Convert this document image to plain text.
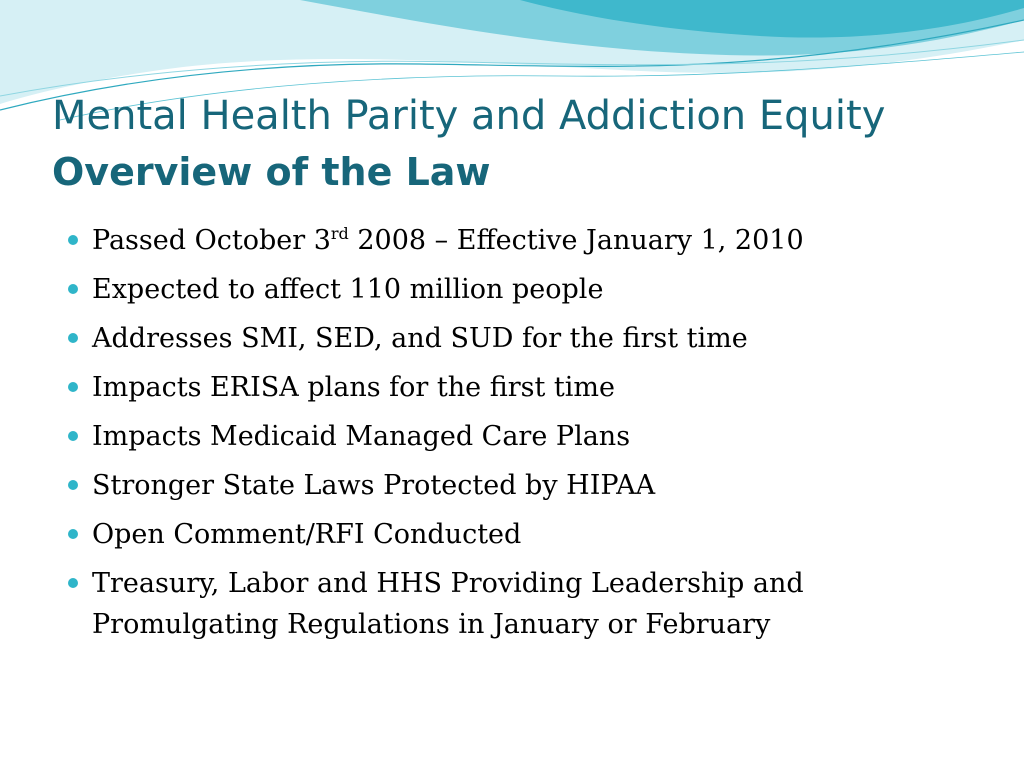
Mental Health Parity and Addiction Equity
Overview of the Law
Passed October 3rd 2008 – Effective January 1, 2010
Expected to affect 110 million people
Addresses SMI, SED, and SUD for the first time
Impacts ERISA plans for the first time
Impacts Medicaid Managed Care Plans
Stronger State Laws Protected by HIPAA
Open Comment/RFI Conducted
Treasury, Labor and HHS Providing Leadership and Promulgating Regulations in January or February
